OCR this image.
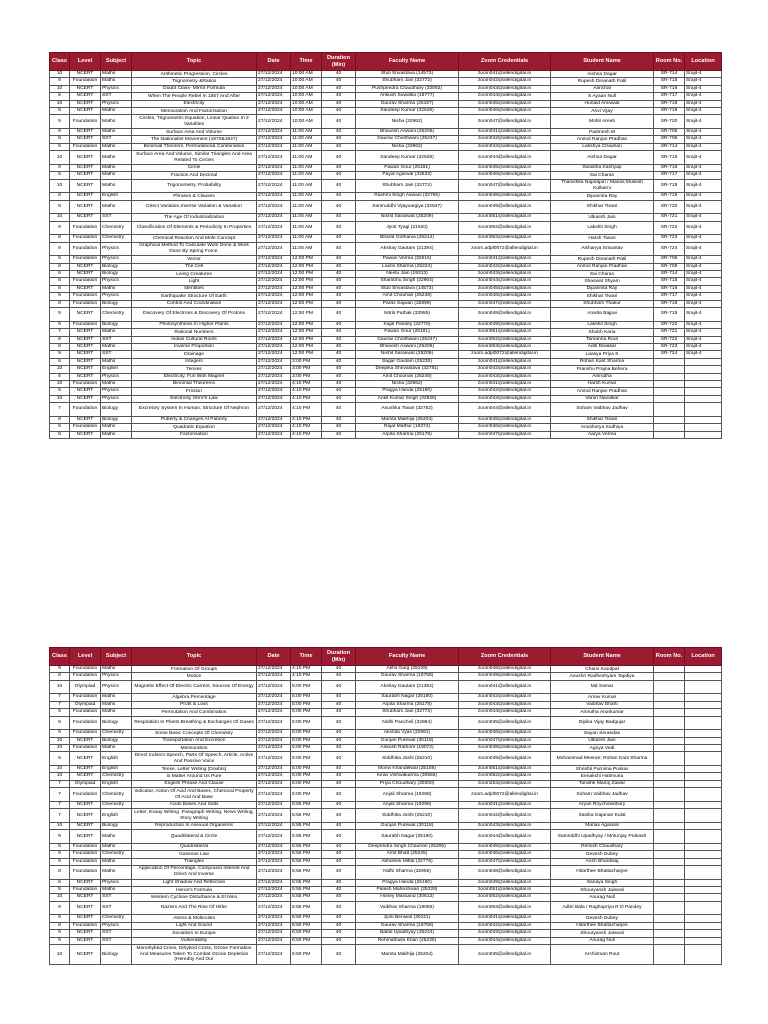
Class	Level	Subject	Topic	Date	Time	Duration (Min)	Faculty Name	Zoom Credentials	Student Name	Room No.	Location
10	NCERT	Maths	Arithmetic Progression, Circles	27/12/2024	10:00 AM	40	Stuti Srivastava (14573)	zoom041@allendigital.in	Aishna Dagar	SR-714	Srajit-4
9	Foundation	Maths	Trignometry &Ratios	27/12/2024	10:00 AM	40	Shubham Jain (32772)	zoom042@allendigital.in	Rupesh Dinanath Patil	SR-715	Srajit-4
10	NCERT	Physics	Doubt Class- Mirror Formula	27/12/2024	10:00 AM	40	Pushpendra Chaudhary (33092)	zoom043@allendigital.in	Aanchal	SR-716	Srajit-4
8	NCERT	SST	When The People Rebel In 1857 And After	27/12/2024	10:00 AM	40	Ankush Suwalka (19777)	zoom044@allendigital.in	S Ayaan Null	SR-717	Srajit-4
10	NCERT	Physics	Electricity	27/12/2024	10:00 AM	40	Gaurav Sharma (25197)	zoom045@allendigital.in	Hunaid Arsiwala	SR-718	Srajit-4
8	NCERT	Maths	Mensuration And Factorisation	27/12/2024	10:00 AM	40	Sandeep Kumar (32629)	zoom046@allendigital.in	Anvi Vijay	SR-719	Srajit-4
9	Foundation	Maths	Circles, Trignometric Equation, Linear Quation In 2 Variables	27/12/2024	10:00 AM	40	Nisha (32962)	zoom047@allendigital.in	Mohit Areeb	SR-720	Srajit-4
9	NCERT	Maths	Surface Area And Volume	27/12/2024	11:00 AM	40	Bhavesh Aswani (25206)	zoom041@allendigital.in	Padmesh M	SR-705	Srajit-4
8	NCERT	SST	The Nationalist Movement (1870&1947)	27/12/2024	11:00 AM	40	Gaurav Choithwani (25247)	zoom042@allendigital.in	Anmol Ranjan Pradhan	SR-706	Srajit-4
9	Foundation	Maths	Binomial Theorem, Permutation& Combination	27/12/2024	11:00 AM	40	Nisha (32962)	zoom043@allendigital.in	Lakshya Chauhan	SR-714	Srajit-4
10	NCERT	Maths	Surface Area And Volume, Similar Triangles And Area Related To Circles	27/12/2024	11:00 AM	40	Sandeep Kumar (32629)	zoom044@allendigital.in	Aishna Dagar	SR-715	Srajit-4
9	NCERT	Maths	Circle	27/12/2024	11:00 AM	40	Pawan Gour (25181)	zoom045@allendigital.in	Swastha Kashyap	SR-716	Srajit-4
6	NCERT	Maths	Fraction And Decimal	27/12/2024	11:00 AM	40	Payal Agarwal (32633)	zoom046@allendigital.in	Sai Charan	SR-717	Srajit-4
10	NCERT	Maths	Trigonometry. Probability	27/12/2024	11:00 AM	40	Shubham Jain (32772)	zoom047@allendigital.in	Thanishka Najarajan / Manas Mukesh Kulkarni	SR-718	Srajit-4
8	NCERT	English	Phrases & Clauses	27/12/2024	11:00 AM	40	Rashmi Singh Aswani (32765)	zoom048@allendigital.in	Dipannita Ray	SR-719	Srajit-4
8	NCERT	Maths	Direct Variation,Inverse Variation & Variation	27/12/2024	11:00 AM	40	Samruddhi Vijayvargiya (32647)	zoom049@allendigital.in	Shikhar Tiwari	SR-720	Srajit-4
10	NCERT	SST	The Age Of Industrialization	27/12/2024	11:00 AM	40	Nishit Saraswat (25209)	zoom051@allendigital.in	Utkarsh Jain	SR-721	Srajit-4
9	Foundation	Chemistry	Classification Of Elements & Periodicity In Properties	27/12/2024	11:00 AM	40	Jyoti Tyagi (21620)	zoom052@allendigital.in	Lakshit Singh	SR-722	Srajit-4
8	Foundation	Chemistry	Chemical Reaction And Mole Concept	27/12/2024	11:00 AM	40	Bharat Gothania (25214)	zoom053@allendigital.in	Harsh Tiwari	SR-723	Srajit-4
9	Foundation	Physics	Graphical Method To Calculate Work Done & Work Done By Spring Force.	27/12/2024	11:00 AM	40	Akshay Gautam (21394)	zoom.adpl0072@allendigital.in	Aishanya Srivastav	SR-724	Srajit-4
9	Foundation	Physics	Vector	27/12/2024	12:00 PM	40	Pawan Verma (32616)	zoom041@allendigital.in	Rupesh Dinanath Patil	SR-705	Srajit-4
8	NCERT	Biology	The Cell	27/12/2024	12:00 PM	40	Laxmi Sharma (25224)	zoom042@allendigital.in	Anmol Ranjan Pradhan	SR-706	Srajit-4
6	NCERT	Biology	Living Creatures	27/12/2024	12:00 PM	40	Neetu Jain (19313)	zoom043@allendigital.in	Sai Charan	SR-714	Srajit-4
8	Foundation	Physics	Light	27/12/2024	12:00 PM	40	Shambhu Singh (32964)	zoom044@allendigital.in	Shaswat Shyam	SR-715	Srajit-4
8	NCERT	Maths	Identities	27/12/2024	12:00 PM	40	Stuti Srivastava (14573)	zoom045@allendigital.in	Dipannita Ray	SR-716	Srajit-4
8	Foundation	Physics	Earthquake Structure Of Earth	27/12/2024	12:00 PM	40	Amit Chouhan (25248)	zoom046@allendigital.in	Shikhar Tiwari	SR-717	Srajit-4
8	Foundation	Biology	Control And Coordination	27/12/2024	12:00 PM	40	Paras Sajwan (32899)	zoom047@allendigital.in	Shubham Thakur	SR-718	Srajit-4
9	NCERT	Chemistry	Discovery Of Electrons & Discovery Of Protons	27/12/2024	12:00 PM	40	Nitriti Pathak (32955)	zoom048@allendigital.in	Anwita Bajpai	SR-719	Srajit-4
9	Foundation	Biology	Photosynthesis In Higher Plants	27/12/2024	12:00 PM	40	Kajal Pandey (32778)	zoom049@allendigital.in	Lakshit Singh	SR-720	Srajit-4
7	NCERT	Maths	Rational Numbers	27/12/2024	12:00 PM	40	Pawan Gour (25181)	zoom051@allendigital.in	Shubh Karia	SR-721	Srajit-4
6	NCERT	SST	Indias Cultural Roots	27/12/2024	12:00 PM	40	Gaurav Choithwani (25247)	zoom052@allendigital.in	Tamanna Rout	SR-722	Srajit-4
8	NCERT	Maths	Inverse Proportion	27/12/2024	12:00 PM	40	Bhavesh Aswani (25206)	zoom053@allendigital.in	Aditi Diwakar	SR-723	Srajit-4
9	NCERT	SST	Drainage	27/12/2024	12:00 PM	40	Nishit Saraswat (25209)	zoom.adpl0072@allendigital.in	Laasya Priya S	SR-724	Srajit-4
6	NCERT	Maths	Integers	27/12/2024	3:00 PM	40	Sagar Gautam (25230)	zoom041@allendigital.in	Rohan Kant Sharma		
10	NCERT	English	Tenses	27/12/2024	3:00 PM	40	Deepika Shrivastava (32781)	zoom042@allendigital.in	Pranshu Prajna Behera		
6	NCERT	Physics	Electricity, Fun With Magnet	27/12/2024	3:00 PM	40	Amit Chouhan (25248)	zoom043@allendigital.in	Anirudha		
10	Foundation	Maths	Binomial Theorems	27/12/2024	4:10 PM	40	Nisha (32962)	zoom041@allendigital.in	Harsh Kumar		
6	NCERT	Physics	Friction	27/12/2024	4:10 PM	40	Pragya Handa (25190)	zoom042@allendigital.in	Anmol Ranjan Pradhan		
10	NCERT	Physics	Electricity Ohm'S Law	27/12/2024	4:10 PM	40	Ankit Kumar Singh (32845)	zoom043@allendigital.in	Varun Navalkar		
7	Foundation	Biology	Excretory System In Human, Structure Of Nephron	27/12/2024	4:10 PM	40	Anushka Tiwari (32762)	zoom044@allendigital.in	Soham Vaibhav Jadhav		
8	NCERT	Biology	Puberty & Changes At Puberty	27/12/2024	4:10 PM	40	Mamta Makhija (25204)	zoom045@allendigital.in	Shikhar Tiwari		
9	Foundation	Maths	Quadratic Equation	27/12/2024	4:10 PM	40	Rajat Mathur (16374)	zoom046@allendigital.in	Anushorya Sodhiya		
8	NCERT	Maths	Factorisation	27/12/2024	4:10 PM	40	Arpita Sharma (25178)	zoom047@allendigital.in	Aarya Verma		
Class	Level	Subject	Topic	Date	Time	Duration (Min)	Faculty Name	Zoom Credentials	Student Name	Room No.	Location
9	Foundation	Maths	Formation Of Groups	27/12/2024	4:10 PM	40	Akhil Garg (25229)	zoom048@allendigital.in	Charvi Kandpal		
8	Foundation	Physics	Motion	27/12/2024	4:10 PM	40	Gaurav Sharma (18758)	zoom049@allendigital.in	Anushri Radheshyam Tapdiya		
10	Olympiad	Physics	Magnetic Effect Of Electric Current, Sources Of Energy	27/12/2024	5:00 PM	40	Akshay Gautam (21394)	zoom041@allendigital.in	Md Samar		
7	Foundation	Maths	Algebra,Percentage	27/12/2024	5:00 PM	40	Saurabh Nagar (25180)	zoom042@allendigital.in	Arnav Kumar		
7	Olympiad	Maths	Profit & Loss	27/12/2024	5:00 PM	40	Arpita Sharma (25178)	zoom043@allendigital.in	Vaibhav Bharti		
9	Foundation	Maths	Permutation And Combination	27/12/2024	5:00 PM	40	Shubham Jain (32772)	zoom044@allendigital.in	Amrutha Arunkumar		
9	Foundation	Biology	Respiration In Plants Breathing & Exchanges Of Gases	27/12/2024	5:00 PM	40	Nidhi Pancholi (32954)	zoom045@allendigital.in	Dipika Vijay Badgujar		
9	Foundation	Chemistry	Some Basic Concepts Of Chemistry	27/12/2024	5:00 PM	40	Akshita Vyas (32961)	zoom046@allendigital.in	Sayan Seraedas		
10	NCERT	Biology	Transportation And Excretion	27/12/2024	5:00 PM	40	Gunjan Purewal (30118)	zoom047@allendigital.in	Utkarsh Jain		
10	Foundation	Maths	Mensuration	27/12/2024	5:00 PM	40	Ankush Rathore (19072)	zoom048@allendigital.in	Agnya Vedi		
6	NCERT	English	Direct Indirect Speech, Parts Of Speech, Article, Active And Passive Voice	27/12/2024	5:00 PM	40	Siddhika Joshi (25210)	zoom049@allendigital.in	Mohammad Meeran; Rohan Kant Sharma		
10	NCERT	English	Tense, Letter Writing (Doubts)	27/12/2024	5:00 PM	40	Monvi Khandelwal (25186)	zoom051@allendigital.in	Shrishti Purnima Puskar		
10	NCERT	Chemistry	Is Matter Around Us Pure	27/12/2024	5:00 PM	40	Kiran Vishwakarma (30565)	zoom052@allendigital.in	Eenakshi Hatimuria		
7	Olympiad	English	English Phrase And Clause	27/12/2024	5:00 PM	40	Priya Choudhary (30300)	zoom253@allendigital.in	Tanishk Manoj Zawar		
7	Foundation	Chemistry	Indicator, Action Of Acid And Bases, Chemical Property Of Acid And Base	27/12/2024	5:00 PM	40	Anjali Sharma (19288)	zoom.adpl0072@allendigital.in	Soham Vaibhav Jadhav		
7	NCERT	Chemistry	Acids Bases And Salts	27/12/2024	5:55 PM	40	Anjali Sharma (19288)	zoom041@allendigital.in	Aryan Roychowdhury		
7	NCERT	English	Letter, Essay Writing ,Paragraph Writing, News Writing, Story Writing	27/12/2024	5:55 PM	40	Siddhika Joshi (25210)	zoom042@allendigital.in	Sanika Gajanan Kulal		
10	NCERT	Biology	Reproduction In Asexual Organisms	27/12/2024	5:55 PM	40	Gunjan Purewal (30118)	zoom043@allendigital.in	Manav Agarwal		
9	NCERT	Maths	Quadrilateral & Circle	27/12/2024	5:55 PM	40	Saurabh Nagar (25180)	zoom044@allendigital.in	Samriddhi Upadhyay / Mritunjay Prakash		
8	Foundation	Maths	Quadrilateral	27/12/2024	5:55 PM	40	Deependra Singh Chauhan (25205)	zoom045@allendigital.in	Remish Chaudhary		
9	Foundation	Chemistry	Gaseous Law	27/12/2024	5:55 PM	40	Amit Bhatt (25225)	zoom046@allendigital.in	Devesh Dubey		
9	Foundation	Maths	Traingles	27/12/2024	5:55 PM	40	Abhishek Mittal (32776)	zoom047@allendigital.in	Ansh Bhardwaj		
8	Foundation	Maths	Application Of Percentage, Compound Interest And Direct And Inverse	27/12/2024	5:55 PM	40	Nidhi Sharma (32956)	zoom048@allendigital.in	Hitarthee Bhattacharjee		
6	NCERT	Physics	Light Shadow And Reflection	27/12/2024	5:55 PM	40	Pragya Handa (25190)	zoom049@allendigital.in	Sanaya Singh		
9	Foundation	Maths	Heron's Formula	27/12/2024	5:55 PM	40	Palash Maheshwari (25228)	zoom051@allendigital.in	Shouryansh Jaiswal		
10	NCERT	SST	Western Cyclone Disturbance & El Nino	27/12/2024	5:55 PM	40	Honey Massand (30613)	zoom052@allendigital.in	Anurag Null		
9	NCERT	SST	Nazism And The Rise Of Hitler	27/12/2024	5:55 PM	40	Vaibhav Sharma (19065)	zoom053@allendigital.in	Aditri Bala / Raghupriya R D Pandey		
9	NCERT	Chemistry	Atoms & Molecules	27/12/2024	6:50 PM	40	Jyoti Beniwal (30121)	zoom041@allendigital.in	Devesh Dubey		
8	Foundation	Physics	Light And Sound	27/12/2024	6:50 PM	40	Gaurav Sharma (18758)	zoom042@allendigital.in	Hitarthee Bhattacharjee		
9	NCERT	SST	Socialism In Europe	27/12/2024	6:50 PM	40	Babal Upadhyay (25244)	zoom043@allendigital.in	Shouryansh Jaiswal		
9	NCERT	SST	Vulnerability	27/12/2024	6:50 PM	40	Rehmathulla Khan (25236)	zoom044@allendigital.in	Anurag Null		
10	NCERT	Biology	Monohybrid Cross, Dihybrid Cross, Ozone Formation And Measures Taken To Combat Ozone Depletion (Heredity And Our	27/12/2024	6:50 PM	40	Mamta Makhija (25204)	zoom045@allendigital.in	Archisman Rout		
